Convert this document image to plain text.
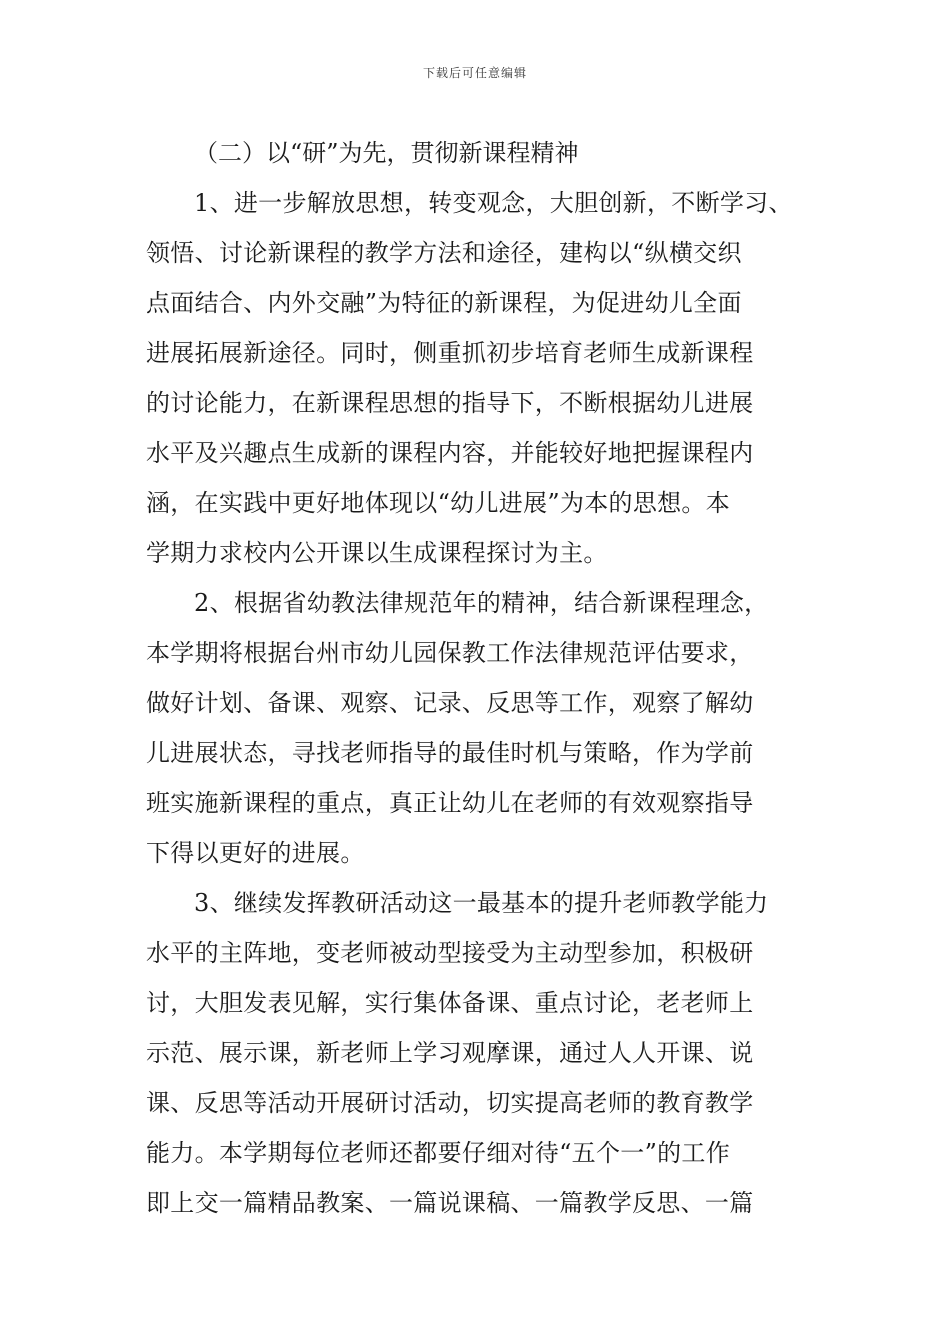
下载后可任意编辑
（二）以“研”为先，贯彻新课程精神
1、进一步解放思想，转变观念，大胆创新，不断学习、
领悟、讨论新课程的教学方法和途径，建构以“纵横交织
点面结合、内外交融”为特征的新课程，为促进幼儿全面
进展拓展新途径。同时，侧重抓初步培育老师生成新课程
的讨论能力，在新课程思想的指导下，不断根据幼儿进展
水平及兴趣点生成新的课程内容，并能较好地把握课程内
涵，在实践中更好地体现以“幼儿进展”为本的思想。本
学期力求校内公开课以生成课程探讨为主。
2、根据省幼教法律规范年的精神，结合新课程理念，
本学期将根据台州市幼儿园保教工作法律规范评估要求，
做好计划、备课、观察、记录、反思等工作，观察了解幼
儿进展状态，寻找老师指导的最佳时机与策略，作为学前
班实施新课程的重点，真正让幼儿在老师的有效观察指导
下得以更好的进展。
3、继续发挥教研活动这一最基本的提升老师教学能力
水平的主阵地，变老师被动型接受为主动型参加，积极研
讨，大胆发表见解，实行集体备课、重点讨论，老老师上
示范、展示课，新老师上学习观摩课，通过人人开课、说
课、反思等活动开展研讨活动，切实提高老师的教育教学
能力。本学期每位老师还都要仔细对待“五个一”的工作
即上交一篇精品教案、一篇说课稿、一篇教学反思、一篇
